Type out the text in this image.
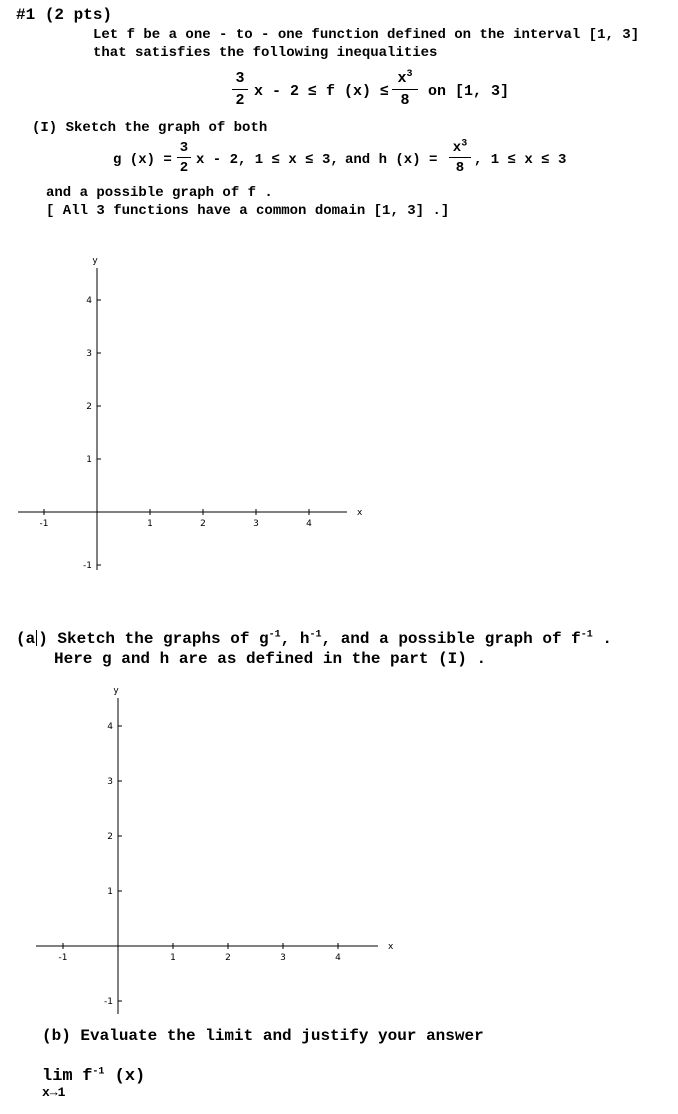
#1 (2 pts)
Let f be a one - to - one function defined on the interval [1, 3]
that satisfies the following inequalities
3
2
x - 2 ≤ f (x) ≤
$x^3$
8
on [1, 3]
(I) Sketch the graph of both
g (x) =
3
2 x - 2, 1 ≤ x ≤ 3, and h (x) =
$x^3$
8 , 1 ≤ x ≤ 3
and a possible graph of f .
[ All 3 functions have a common domain [1, 3] .]
-1	1	2	3	4
4
3
2
1
-1
x
y
(a ) Sketch the graphs of $g^{-1}$, $h^{-1}$, and a possible graph of $f^{-1}$ .
Here g and h are as defined in the part (I) .
-1	1	2	3	4
4
3
2
1
-1
x
y
(b) Evaluate the limit and justify your answer
lim
x→1
$f^{-1}$ (x)
